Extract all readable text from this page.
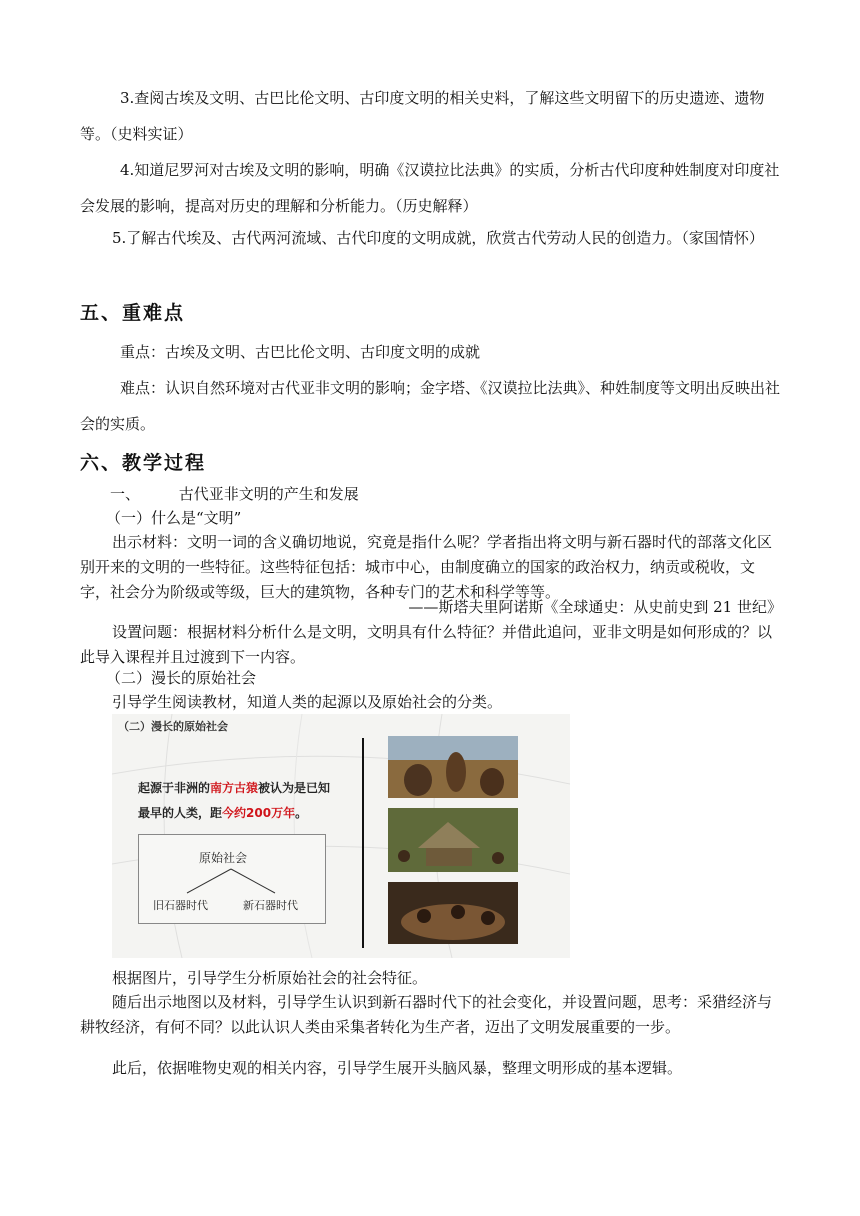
3.查阅古埃及文明、古巴比伦文明、古印度文明的相关史料，了解这些文明留下的历史遗迹、遗物等。（史料实证）

4.知道尼罗河对古埃及文明的影响，明确《汉谟拉比法典》的实质，分析古代印度种姓制度对印度社会发展的影响，提高对历史的理解和分析能力。（历史解释）

5.了解古代埃及、古代两河流域、古代印度的文明成就，欣赏古代劳动人民的创造力。（家国情怀）

五、重难点

重点：古埃及文明、古巴比伦文明、古印度文明的成就

难点：认识自然环境对古代亚非文明的影响；金字塔、《汉谟拉比法典》、种姓制度等文明出反映出社会的实质。

六、教学过程
一、	古代亚非文明的产生和发展

（一）什么是“文明”

出示材料：文明一词的含义确切地说，究竟是指什么呢？学者指出将文明与新石器时代的部落文化区别开来的文明的一些特征。这些特征包括：城市中心，由制度确立的国家的政治权力，纳贡或税收，文字，社会分为阶级或等级，巨大的建筑物，各种专门的艺术和科学等等。

——斯塔夫里阿诺斯《全球通史：从史前史到 21 世纪》

设置问题：根据材料分析什么是文明，文明具有什么特征？并借此追问，亚非文明是如何形成的？以此导入课程并且过渡到下一内容。

（二）漫长的原始社会

引导学生阅读教材，知道人类的起源以及原始社会的分类。

（二）漫长的原始社会
起源于非洲的南方古猿被认为是已知最早的人类，距今约200万年。
原始社会
旧石器时代	新石器时代

根据图片，引导学生分析原始社会的社会特征。

随后出示地图以及材料，引导学生认识到新石器时代下的社会变化，并设置问题，思考：采猎经济与耕牧经济，有何不同？以此认识人类由采集者转化为生产者，迈出了文明发展重要的一步。

此后，依据唯物史观的相关内容，引导学生展开头脑风暴，整理文明形成的基本逻辑。
